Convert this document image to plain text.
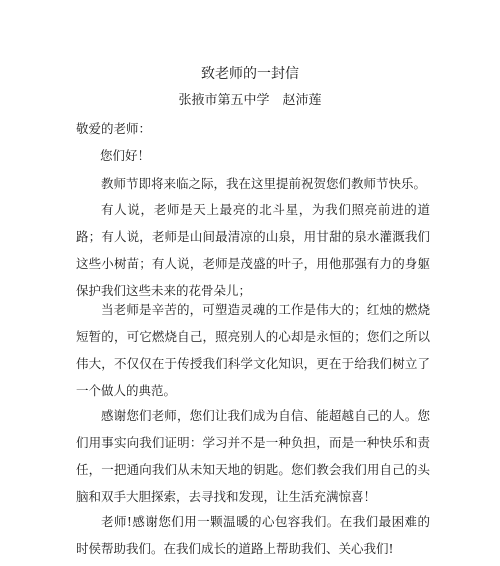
致老师的一封信
张掖市第五中学　赵沛莲
敬爱的老师：
您们好！
教师节即将来临之际，我在这里提前祝贺您们教师节快乐。
有人说，老师是天上最亮的北斗星，为我们照亮前进的道路；有人说，老师是山间最清凉的山泉，用甘甜的泉水灌溉我们这些小树苗；有人说，老师是茂盛的叶子，用他那强有力的身躯保护我们这些未来的花骨朵儿；
当老师是辛苦的，可塑造灵魂的工作是伟大的；红烛的燃烧短暂的，可它燃烧自己，照亮别人的心却是永恒的；您们之所以伟大，不仅仅在于传授我们科学文化知识，更在于给我们树立了一个做人的典范。
感谢您们老师，您们让我们成为自信、能超越自己的人。您们用事实向我们证明：学习并不是一种负担，而是一种快乐和责任，一把通向我们从未知天地的钥匙。您们教会我们用自己的头脑和双手大胆探索，去寻找和发现，让生活充满惊喜！
老师!感谢您们用一颗温暖的心包容我们。在我们最困难的时侯帮助我们。在我们成长的道路上帮助我们、关心我们!
